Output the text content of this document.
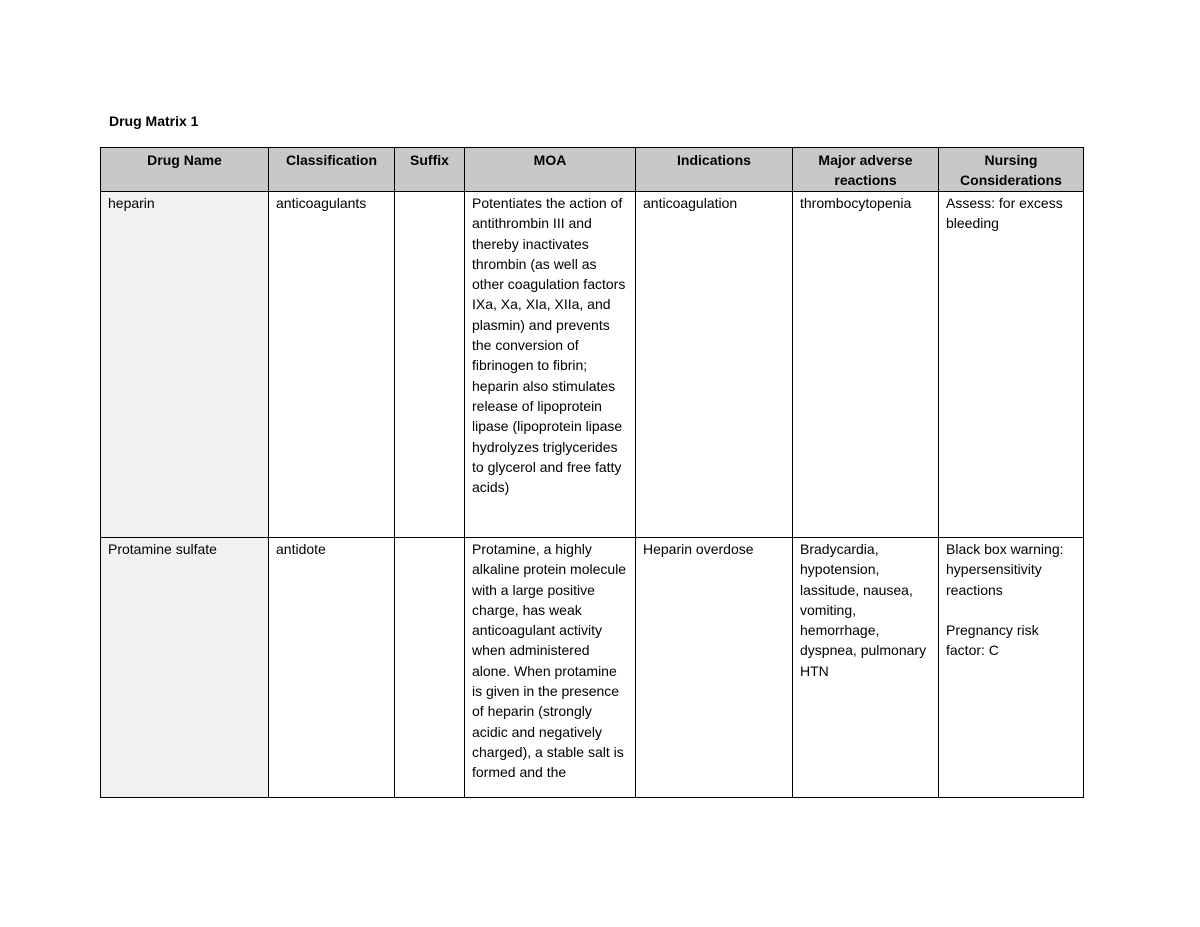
Drug Matrix 1
Drug Name	Classification	Suffix	MOA	Indications	Major adverse reactions	Nursing Considerations
heparin	anticoagulants		Potentiates the action of antithrombin III and thereby inactivates thrombin (as well as other coagulation factors IXa, Xa, XIa, XIIa, and plasmin) and prevents the conversion of fibrinogen to fibrin; heparin also stimulates release of lipoprotein lipase (lipoprotein lipase hydrolyzes triglycerides to glycerol and free fatty acids)	anticoagulation	thrombocytopenia	Assess: for excess bleeding
Protamine sulfate	antidote		Protamine, a highly alkaline protein molecule with a large positive charge, has weak anticoagulant activity when administered alone. When protamine is given in the presence of heparin (strongly acidic and negatively charged), a stable salt is formed and the	Heparin overdose	Bradycardia, hypotension, lassitude, nausea, vomiting, hemorrhage, dyspnea, pulmonary HTN	Black box warning: hypersensitivity reactions

Pregnancy risk factor: C
